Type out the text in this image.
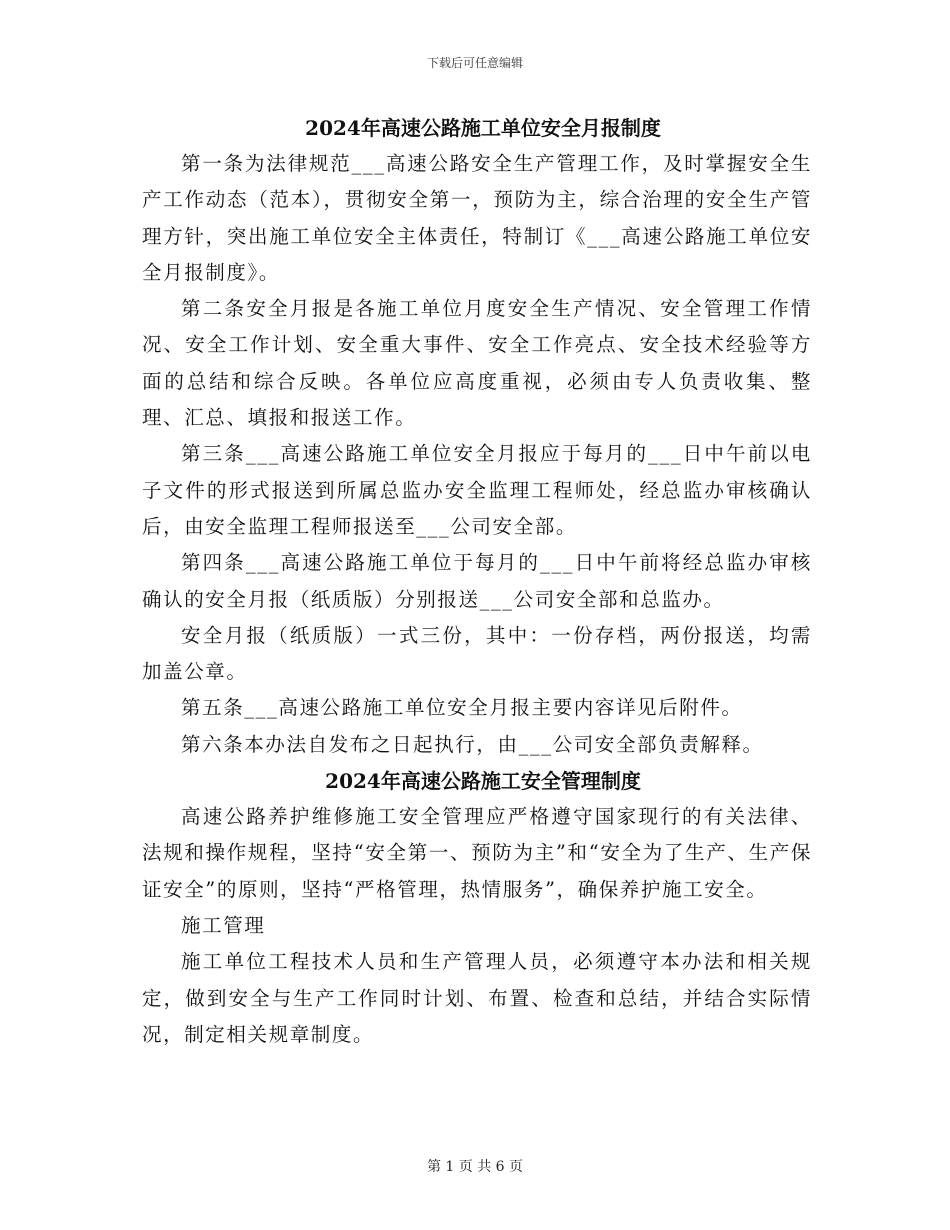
下载后可任意编辑
2024年高速公路施工单位安全月报制度

第一条为法律规范___高速公路安全生产管理工作，及时掌握安全生产工作动态（范本），贯彻安全第一，预防为主，综合治理的安全生产管理方针，突出施工单位安全主体责任，特制订《___高速公路施工单位安全月报制度》。

第二条安全月报是各施工单位月度安全生产情况、安全管理工作情况、安全工作计划、安全重大事件、安全工作亮点、安全技术经验等方面的总结和综合反映。各单位应高度重视，必须由专人负责收集、整理、汇总、填报和报送工作。

第三条___高速公路施工单位安全月报应于每月的___日中午前以电子文件的形式报送到所属总监办安全监理工程师处，经总监办审核确认后，由安全监理工程师报送至___公司安全部。

第四条___高速公路施工单位于每月的___日中午前将经总监办审核确认的安全月报（纸质版）分别报送___公司安全部和总监办。

安全月报（纸质版）一式三份，其中：一份存档，两份报送，均需加盖公章。

第五条___高速公路施工单位安全月报主要内容详见后附件。

第六条本办法自发布之日起执行，由___公司安全部负责解释。

2024年高速公路施工安全管理制度

高速公路养护维修施工安全管理应严格遵守国家现行的有关法律、法规和操作规程，坚持“安全第一、预防为主”和“安全为了生产、生产保证安全”的原则，坚持“严格管理，热情服务”，确保养护施工安全。

施工管理

施工单位工程技术人员和生产管理人员，必须遵守本办法和相关规定，做到安全与生产工作同时计划、布置、检查和总结，并结合实际情况，制定相关规章制度。

第 1 页 共 6 页
